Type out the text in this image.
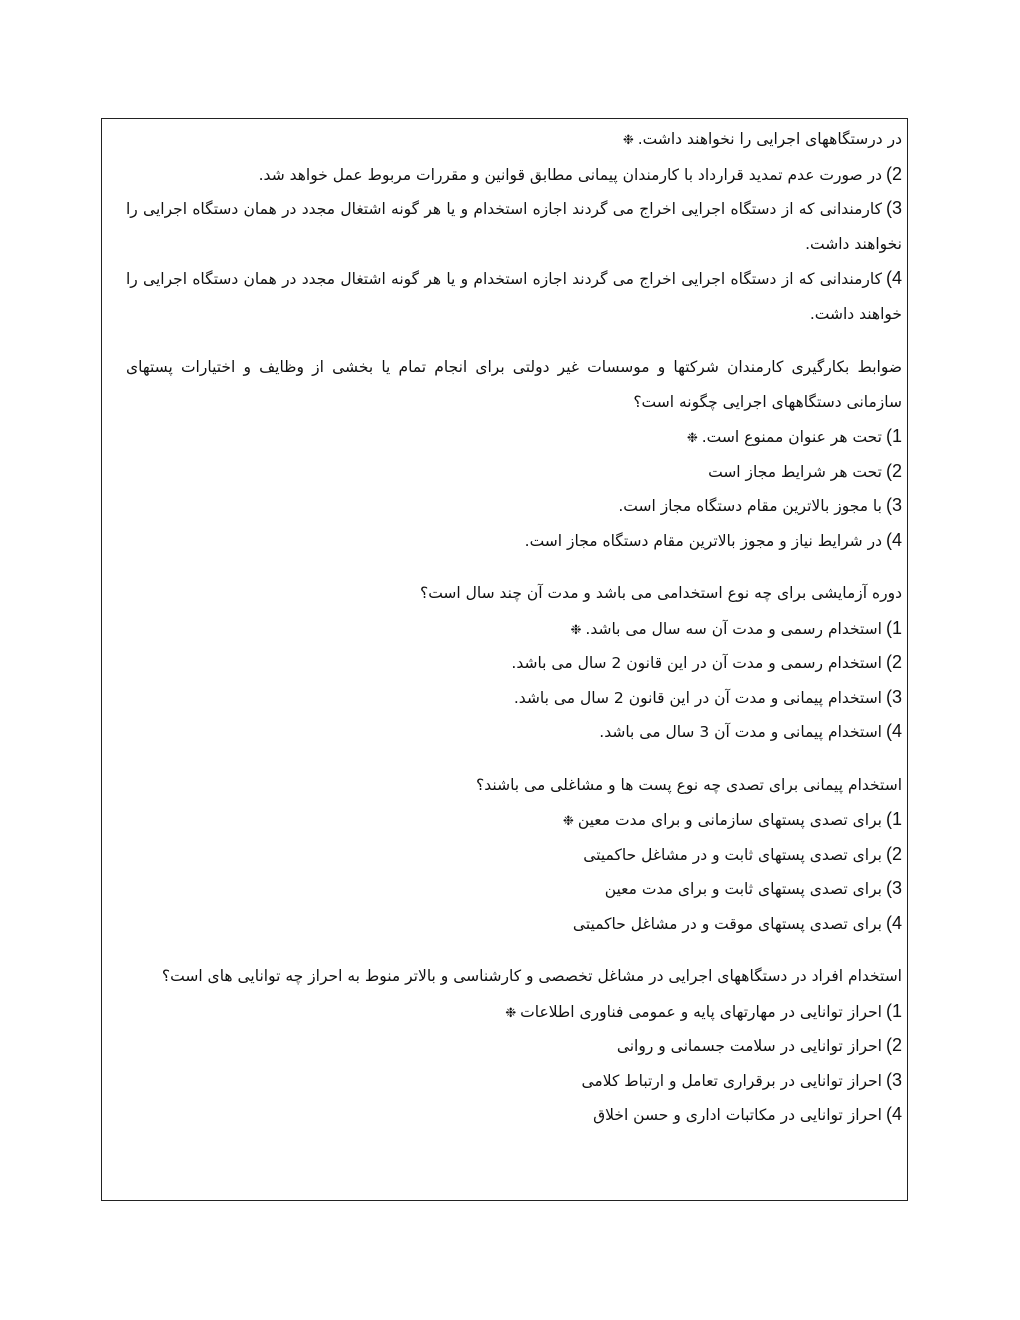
در درستگاههای اجرایی را نخواهند داشت.❉
2)در صورت عدم تمدید قرارداد با کارمندان پیمانی مطابق قوانین و مقررات مربوط عمل خواهد شد.
3)کارمندانی که از دستگاه اجرایی اخراج می گردند اجازه استخدام و یا هر گونه اشتغال مجدد در همان دستگاه اجرایی را نخواهند داشت.
4)کارمندانی که از دستگاه اجرایی اخراج می گردند اجازه استخدام و یا هر گونه اشتغال مجدد در همان دستگاه اجرایی را خواهند داشت.
ضوابط بکارگیری کارمندان شرکتها و موسسات غیر دولتی برای انجام تمام یا بخشی از وظایف و اختیارات پستهای سازمانی دستگاههای اجرایی چگونه است؟
1)تحت هر عنوان ممنوع است.❉
2)تحت هر شرایط مجاز است
3)با مجوز بالاترین مقام دستگاه مجاز است.
4)در شرایط نیاز و مجوز بالاترین مقام دستگاه مجاز است.
دوره آزمایشی برای چه نوع استخدامی می باشد و مدت آن چند سال است؟
1)استخدام رسمی و مدت آن سه سال می باشد.❉
2)استخدام رسمی و مدت آن در این قانون 2 سال می باشد.
3)استخدام پیمانی و مدت آن در این قانون 2 سال می باشد.
4)استخدام پیمانی و مدت آن 3 سال می باشد.
استخدام پیمانی برای تصدی چه نوع پست ها و مشاغلی می باشند؟
1)برای تصدی پستهای سازمانی و برای مدت معین❉
2)برای تصدی پستهای ثابت و در مشاغل حاکمیتی
3)برای تصدی پستهای ثابت و برای مدت معین
4)برای تصدی پستهای موقت و در مشاغل حاکمیتی
استخدام افراد در دستگاههای اجرایی در مشاغل تخصصی و کارشناسی و بالاتر منوط به احراز چه توانایی های است؟
1)احراز توانایی در مهارتهای پایه و عمومی فناوری اطلاعات❉
2)احراز توانایی در سلامت جسمانی و روانی
3)احراز توانایی در برقراری تعامل و ارتباط کلامی
4)احراز توانایی در مکاتبات اداری و حسن اخلاق
